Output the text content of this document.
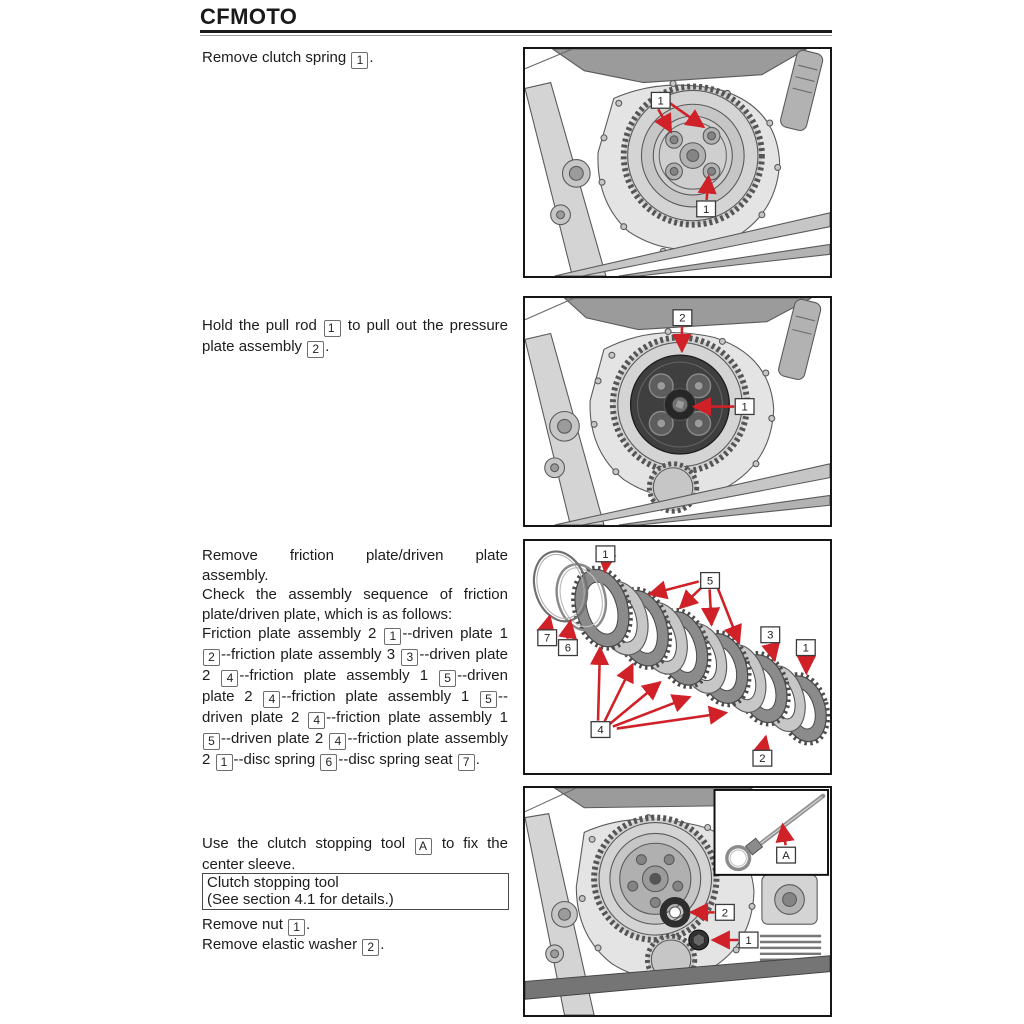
CFMOTO
Remove clutch spring 1 .
Hold the pull rod 1 to pull out the pressure
plate assembly 2 .
Remove friction plate/driven plate
assembly.
Check the assembly sequence of friction
plate/driven plate, which is as follows:
Friction plate assembly 2 1 --driven plate 1 2 --friction plate assembly 3 3 --driven plate 2 4 --friction plate assembly 1 5 --driven plate 2 4 --friction plate assembly 1 5 --driven plate 2 4 --friction plate assembly 1 5 --driven plate 2 4 --friction plate assembly 2 1 --disc spring 6 --disc spring seat 7 .
Use the clutch stopping tool A to fix the
center sleeve.
Clutch stopping tool
(See section 4.1 for details.)
Remove nut 1 .
Remove elastic washer 2 .
1
1
2
1
1
5
7
6
3
1
4
2
A
2
1
